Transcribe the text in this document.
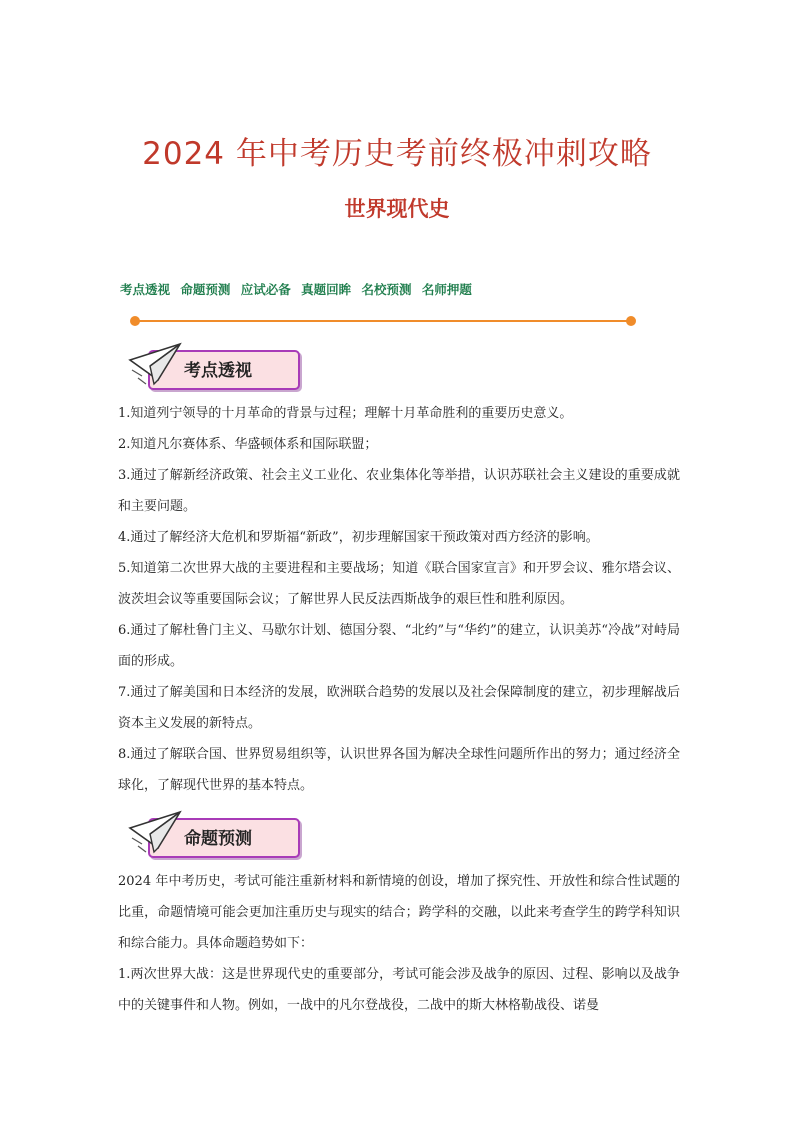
2024 年中考历史考前终极冲刺攻略
世界现代史
考点透视 命题预测 应试必备 真题回眸 名校预测 名师押题
考点透视
1.知道列宁领导的十月革命的背景与过程；理解十月革命胜利的重要历史意义。
2.知道凡尔赛体系、华盛顿体系和国际联盟；
3.通过了解新经济政策、社会主义工业化、农业集体化等举措，认识苏联社会主义建设的重要成就和主要问题。
4.通过了解经济大危机和罗斯福“新政”，初步理解国家干预政策对西方经济的影响。
5.知道第二次世界大战的主要进程和主要战场；知道《联合国家宣言》和开罗会议、雅尔塔会议、波茨坦会议等重要国际会议；了解世界人民反法西斯战争的艰巨性和胜利原因。
6.通过了解杜鲁门主义、马歇尔计划、德国分裂、“北约”与“华约”的建立，认识美苏“冷战”对峙局面的形成。
7.通过了解美国和日本经济的发展，欧洲联合趋势的发展以及社会保障制度的建立，初步理解战后资本主义发展的新特点。
8.通过了解联合国、世界贸易组织等，认识世界各国为解决全球性问题所作出的努力；通过经济全球化，了解现代世界的基本特点。
命题预测
2024 年中考历史，考试可能注重新材料和新情境的创设，增加了探究性、开放性和综合性试题的比重，命题情境可能会更加注重历史与现实的结合；跨学科的交融，以此来考查学生的跨学科知识和综合能力。具体命题趋势如下：
1.两次世界大战：这是世界现代史的重要部分，考试可能会涉及战争的原因、过程、影响以及战争中的关键事件和人物。例如，一战中的凡尔登战役，二战中的斯大林格勒战役、诺曼
